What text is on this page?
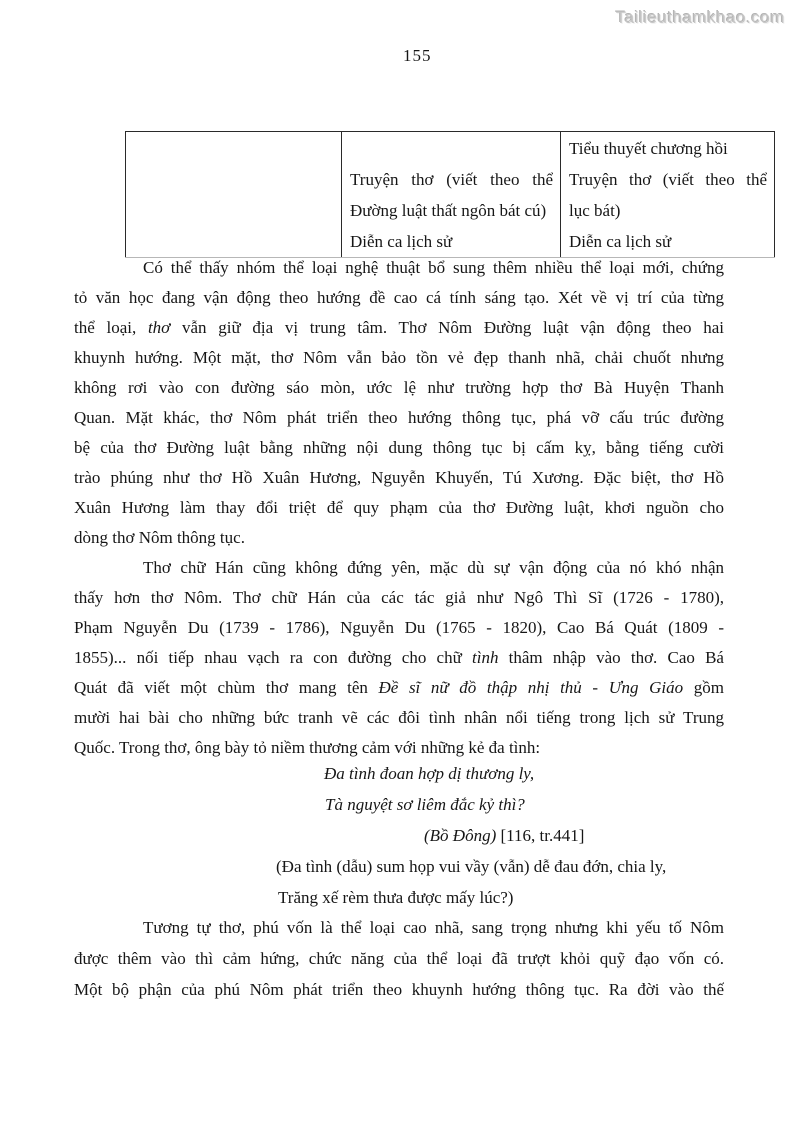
Tailieuthamkhao.com
155

Truyện thơ (viết theo thể
Đường luật thất ngôn bát cú)
Diễn ca lịch sử

Tiểu thuyết chương hồi
Truyện thơ (viết theo thể
lục bát)
Diễn ca lịch sử
Có thể thấy nhóm thể loại nghệ thuật bổ sung thêm nhiều thể loại mới, chứng
tỏ văn học đang vận động theo hướng đề cao cá tính sáng tạo. Xét về vị trí của từng
thể loại, thơ vẫn giữ địa vị trung tâm. Thơ Nôm Đường luật vận động theo hai
khuynh hướng. Một mặt, thơ Nôm vẫn bảo tồn vẻ đẹp thanh nhã, chải chuốt nhưng
không rơi vào con đường sáo mòn, ước lệ như trường hợp thơ Bà Huyện Thanh
Quan. Mặt khác, thơ Nôm phát triển theo hướng thông tục, phá vỡ cấu trúc đường
bệ của thơ Đường luật bằng những nội dung thông tục bị cấm kỵ, bằng tiếng cười
trào phúng như thơ Hồ Xuân Hương, Nguyễn Khuyến, Tú Xương. Đặc biệt, thơ Hồ
Xuân Hương làm thay đổi triệt để quy phạm của thơ Đường luật, khơi nguồn cho
dòng thơ Nôm thông tục.
Thơ chữ Hán cũng không đứng yên, mặc dù sự vận động của nó khó nhận
thấy hơn thơ Nôm. Thơ chữ Hán của các tác giả như Ngô Thì Sĩ (1726 - 1780),
Phạm Nguyễn Du (1739 - 1786), Nguyễn Du (1765 - 1820), Cao Bá Quát (1809 -
1855)... nối tiếp nhau vạch ra con đường cho chữ tình thâm nhập vào thơ. Cao Bá
Quát đã viết một chùm thơ mang tên Đề sĩ nữ đồ thập nhị thủ - Ưng Giáo gồm
mười hai bài cho những bức tranh vẽ các đôi tình nhân nổi tiếng trong lịch sử Trung
Quốc. Trong thơ, ông bày tỏ niềm thương cảm với những kẻ đa tình:
Đa tình đoan hợp dị thương ly,
Tà nguyệt sơ liêm đắc kỷ thì?
(Bồ Đông) [116, tr.441]
(Đa tình (dẫu) sum họp vui vầy (vẫn) dễ đau đớn, chia ly,
Trăng xế rèm thưa được mấy lúc?)
Tương tự thơ, phú vốn là thể loại cao nhã, sang trọng nhưng khi yếu tố Nôm
được thêm vào thì cảm hứng, chức năng của thể loại đã trượt khỏi quỹ đạo vốn có.
Một bộ phận của phú Nôm phát triển theo khuynh hướng thông tục. Ra đời vào thế
